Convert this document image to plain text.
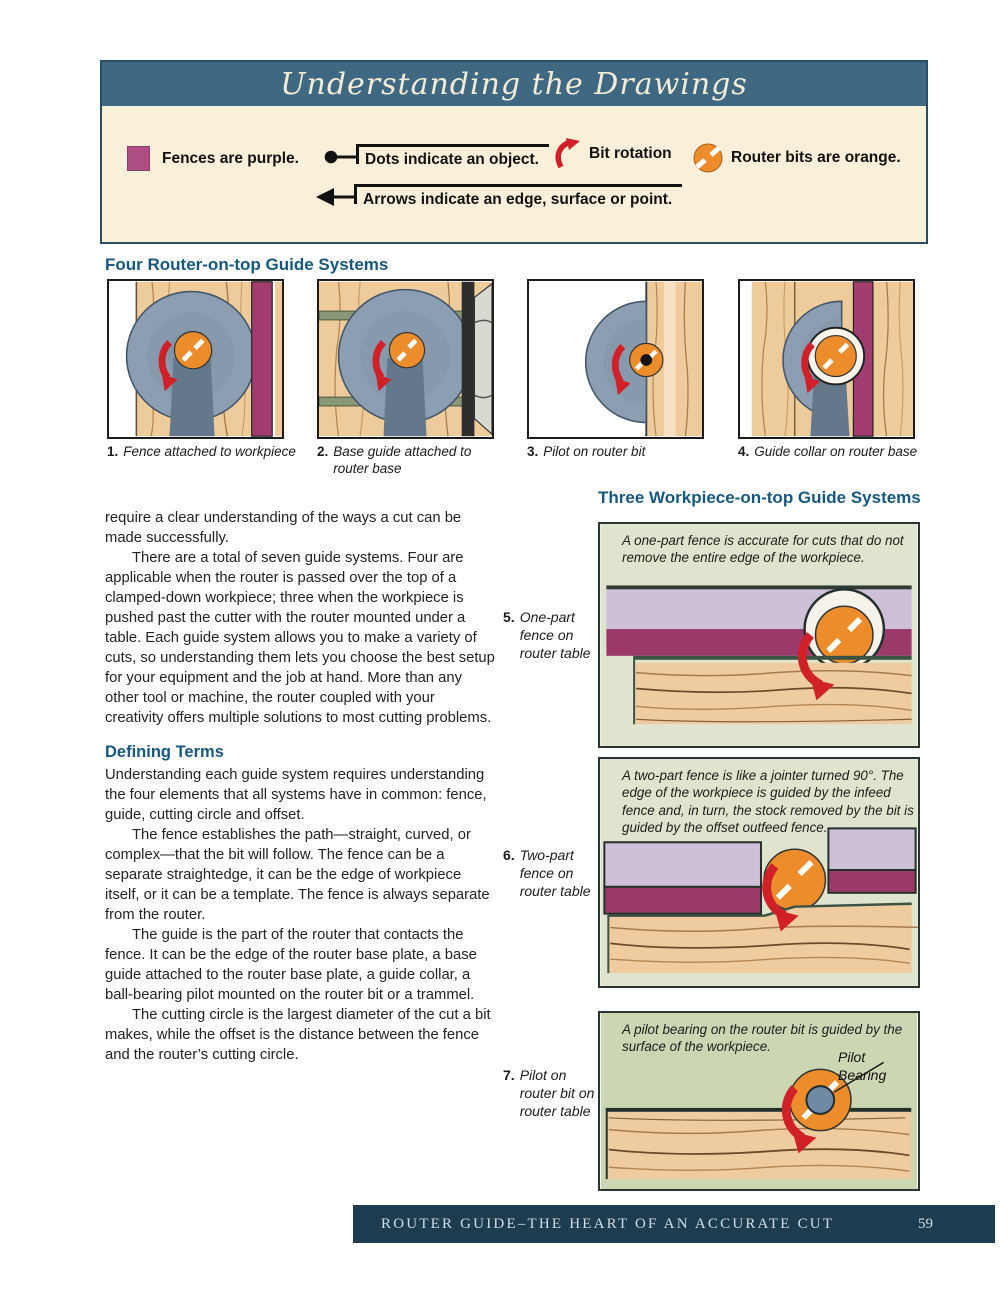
Understanding the Drawings
Fences are purple.	Dots indicate an object.	Bit rotation	Router bits are orange.
Arrows indicate an edge, surface or point.
Four Router-on-top Guide Systems
1. Fence attached to workpiece 2. Base guide attached to router base
3. Pilot on router bit	4. Guide collar on router base

require a clear understanding of the ways a cut can be made successfully.

There are a total of seven guide systems. Four are applicable when the router is passed over the top of a clamped-down workpiece; three when the workpiece is pushed past the cutter with the router mounted under a table. Each guide system allows you to make a variety of cuts, so understanding them lets you choose the best setup for your equipment and the job at hand. More than any other tool or machine, the router coupled with your creativity offers multiple solutions to most cutting problems.

Defining Terms

Understanding each guide system requires understanding the four elements that all systems have in common: fence, guide, cutting circle and offset.

The fence establishes the path—straight, curved, or complex—that the bit will follow. The fence can be a separate straightedge, it can be the edge of workpiece itself, or it can be a template. The fence is always separate from the router.

The guide is the part of the router that contacts the fence. It can be the edge of the router base plate, a base guide attached to the router base plate, a guide collar, a ball-bearing pilot mounted on the router bit or a trammel.

The cutting circle is the largest diameter of the cut a bit makes, while the offset is the distance between the fence and the router’s cutting circle.

Three Workpiece-on-top Guide Systems
A one-part fence is accurate for cuts that do not remove the entire edge of the workpiece.
5. One-part fence on router table
A two-part fence is like a jointer turned 90°. The edge of the workpiece is guided by the infeed fence and, in turn, the stock removed by the bit is guided by the offset outfeed fence.
6. Two-part fence on router table
A pilot bearing on the router bit is guided by the surface of the workpiece.
Pilot Bearing
7. Pilot on router bit on router table
ROUTER GUIDE–THE HEART OF AN ACCURATE CUT	59
